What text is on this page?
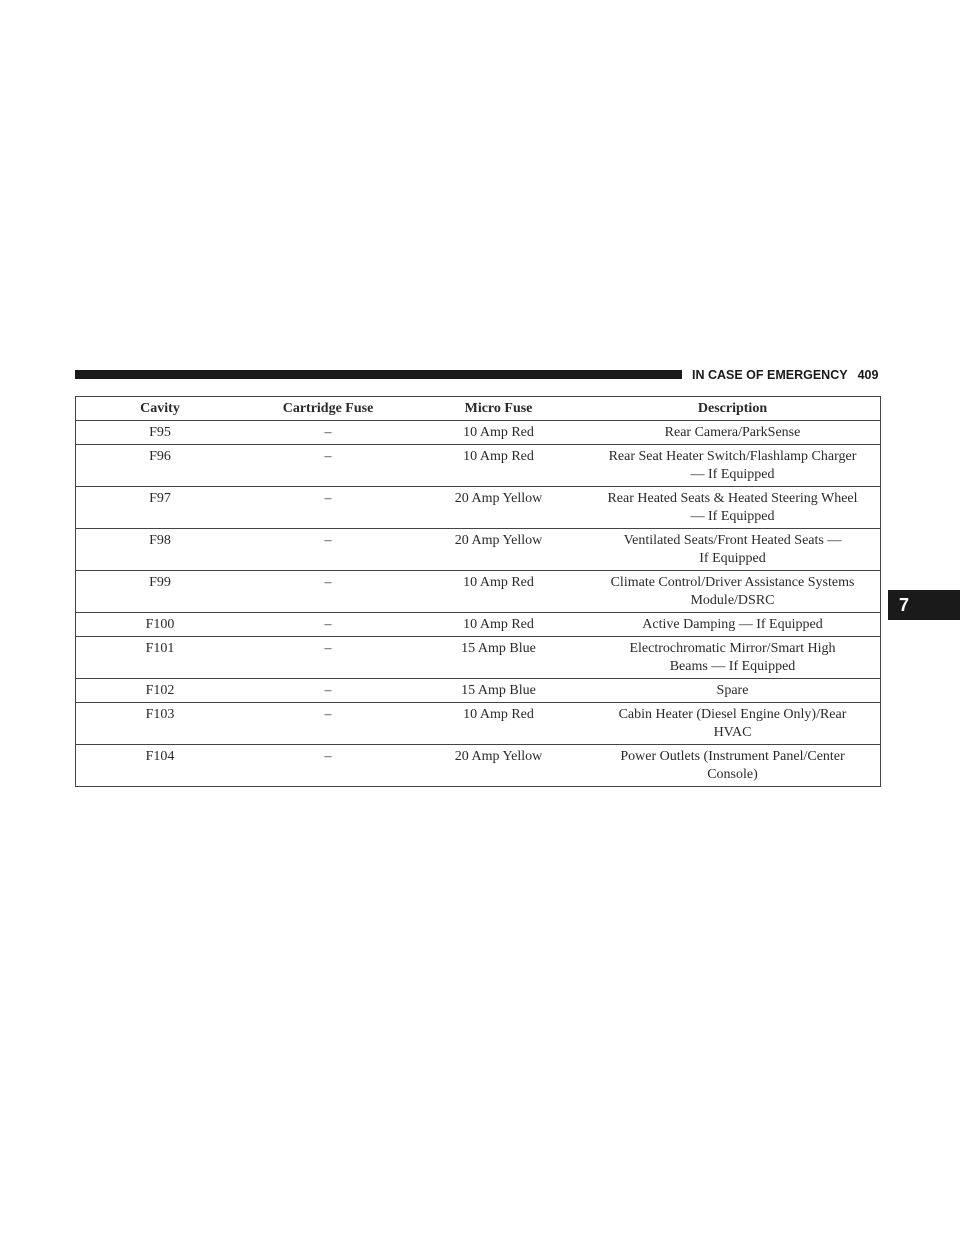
IN CASE OF EMERGENCY 409
7
Cavity	Cartridge Fuse	Micro Fuse	Description
F95	–	10 Amp Red	Rear Camera/ParkSense
F96	–	10 Amp Red	Rear Seat Heater Switch/Flashlamp Charger
— If Equipped
F97	–	20 Amp Yellow	Rear Heated Seats & Heated Steering Wheel
— If Equipped
F98	–	20 Amp Yellow	Ventilated Seats/Front Heated Seats —
If Equipped
F99	–	10 Amp Red	Climate Control/Driver Assistance Systems
Module/DSRC
F100	–	10 Amp Red	Active Damping — If Equipped
F101	–	15 Amp Blue	Electrochromatic Mirror/Smart High
Beams — If Equipped
F102	–	15 Amp Blue	Spare
F103	–	10 Amp Red	Cabin Heater (Diesel Engine Only)/Rear
HVAC
F104	–	20 Amp Yellow	Power Outlets (Instrument Panel/Center
Console)
